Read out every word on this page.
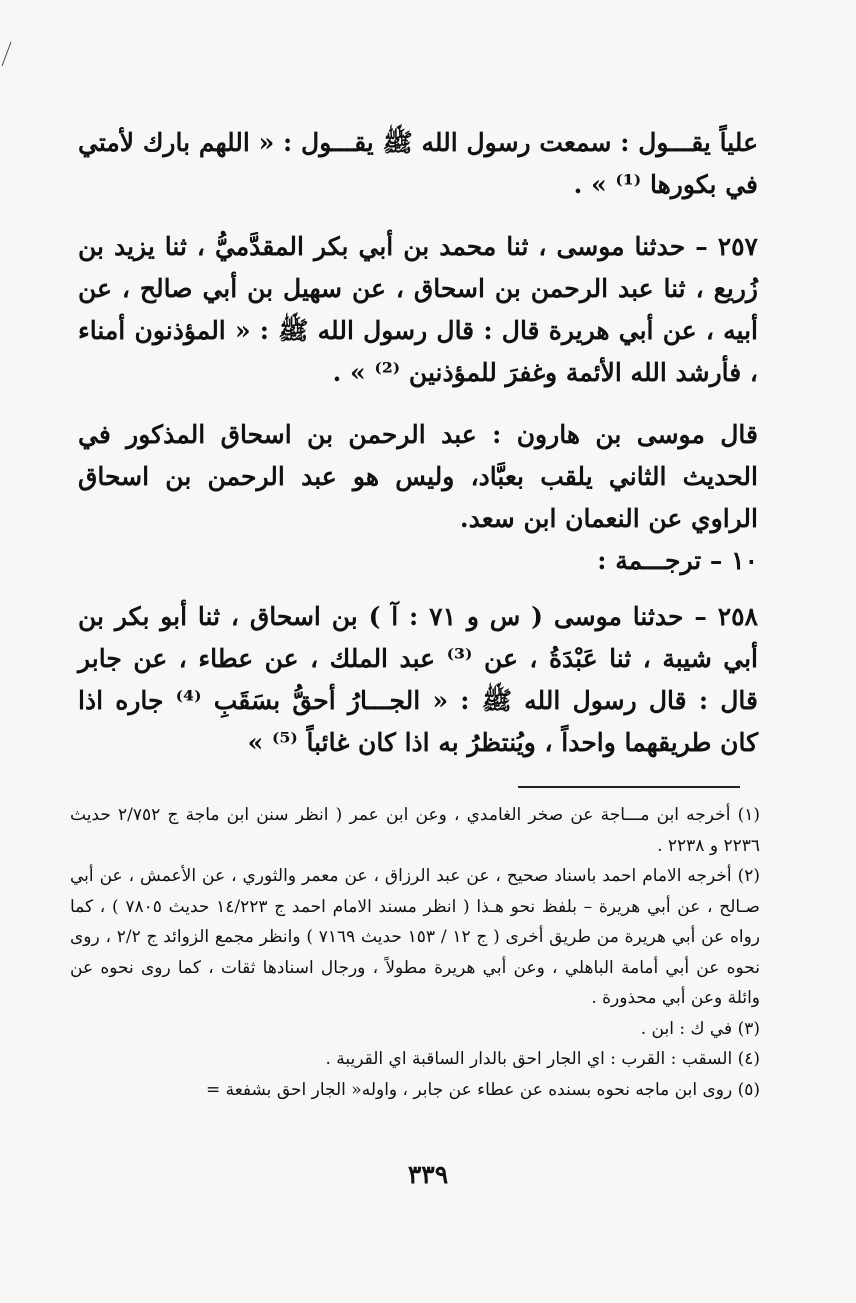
علياً يقـــول : سمعت رسول الله ﷺ يقـــول : « اللهم بارك لأمتي في بكورها ⁽¹⁾ » .

٢٥٧ – حدثنا موسى ، ثنا محمد بن أبي بكر المقدَّميُّ ، ثنا يزيد بن زُريع ، ثنا عبد الرحمن بن اسحاق ، عن سهيل بن أبي صالح ، عن أبيه ، عن أبي هريرة قال : قال رسول الله ﷺ : « المؤذنون أمناء ، فأرشد الله الأئمة وغفرَ للمؤذنين ⁽²⁾ » .

قال موسى بن هارون : عبد الرحمن بن اسحاق المذكور في الحديث الثاني يلقب بعبَّاد، وليس هو عبد الرحمن بن اسحاق الراوي عن النعمان ابن سعد.

١٠ – ترجـــمة :

٢٥٨ – حدثنا موسى ( س و ٧١ : آ ) بن اسحاق ، ثنا أبو بكر بن أبي شيبة ، ثنا عَبْدَةُ ، عن ⁽³⁾ عبد الملك ، عن عطاء ، عن جابر قال : قال رسول الله ﷺ : « الجـــارُ أحقُّ بسَقَبِ ⁽⁴⁾ جاره اذا كان طريقهما واحداً ، ويُنتظرُ به اذا كان غائباً ⁽⁵⁾ »

(١) أخرجه ابن مـــاجة عن صخر الغامدي ، وعن ابن عمر ( انظر سنن ابن ماجة ج ٢/٧٥٢ حديث ٢٢٣٦ و ٢٢٣٨ .

(٢) أخرجه الامام احمد باسناد صحيح ، عن عبد الرزاق ، عن معمر والثوري ، عن الأعمش ، عن أبي صـالح ، عن أبي هريرة – بلفظ نحو هـذا ( انظر مسند الامام احمد ج ١٤/٢٢٣ حديث ٧٨٠٥ ) ، كما رواه عن أبي هريرة من طريق أخرى ( ج ١٢ / ١٥٣ حديث ٧١٦٩ ) وانظر مجمع الزوائد ج ٢/٢ ، روى نحوه عن أبي أمامة الباهلي ، وعن أبي هريرة مطولاً ، ورجال اسنادها ثقات ، كما روى نحوه عن وائلة وعن أبي محذورة .

(٣) في ك : ابن .

(٤) السقب : القرب : اي الجار احق بالدار الساقبة اي القريبة .

(٥) روى ابن ماجه نحوه بسنده عن عطاء عن جابر ، واوله« الجار احق بشفعة =

٣٣٩
